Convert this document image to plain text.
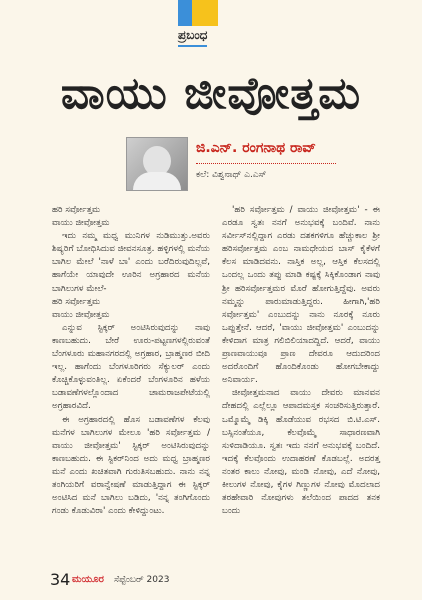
ಪ್ರಬಂಧ
ವಾಯು ಜೀವೋತ್ತಮ
ಜಿ.ಎನ್. ರಂಗನಾಥ ರಾವ್
ಕಲೆ: ವಿಶ್ವನಾಥ್ ಎ.ಎಸ್

ಹರಿ ಸರ್ವೋತ್ತಮ

ವಾಯು ಜೀವೋತ್ತಮ

ಇದು ನಮ್ಮ ಮಧ್ವ ಮುನಿಗಳ ನುಡಿಮುತ್ತು.ಅವರು ಶಿಷ್ಯರಿಗೆ ಬೋಧಿಸಿದುವ ಜೀವನಸೂತ್ರ. ಹಳ್ಳಿಗಳಲ್ಲಿ ಮನೆಯ ಬಾಗಿಲ ಮೇಲೆ 'ನಾಳೆ ಬಾ' ಎಂದು ಬರೆದಿರುವುದಿಲ್ಲವೆ, ಹಾಗೆಯೇ ಯಾವುದೇ ಊರಿನ ಅಗ್ರಹಾರದ ಮನೆಯ ಬಾಗಿಲುಗಳ ಮೇಲೆ-

ಹರಿ ಸರ್ವೋತ್ತಮ

ವಾಯು ಜೀವೋತ್ತಮ

ಎನ್ನುವ ಸ್ಟಿಕ್ಕರ್ ಅಂಟಿಸಿರುವುದನ್ನು ನಾವು ಕಾಣಬಹುದು. ಬೇರೆ ಊರು-ಪಟ್ಟಣಗಳಲ್ಲಿರುವಂತೆ ಬೆಂಗಳೂರು ಮಹಾನಗರದಲ್ಲಿ ಅಗ್ರಹಾರ, ಬ್ರಾಹ್ಮಣರ ಬೀದಿ ಇಲ್ಲ. ಹಾಗೆಂದು ಬೆಂಗಳೂರಿಗರು ಸೆಕ್ಯುಲರ್ ಎಂದು ಕೊಚ್ಚಿಕೊಳ್ಳುವಂತಿಲ್ಲ. ಏಕೆಂದರೆ ಬೆಂಗಳೂರಿನ ಹಳೆಯ ಬಡಾವಣೆಗಳಲ್ಲೊಂದಾದ ಚಾಮರಾಜಪೇಟೆಯಲ್ಲಿ ಅಗ್ರಹಾರವಿದೆ.

ಈ ಅಗ್ರಹಾರದಲ್ಲಿ ಹೊಸ ಬಡಾವಣೆಗಳ ಕೆಲವು ಮನೆಗಳ ಬಾಗಿಲುಗಳ ಮೇಲೂ 'ಹರಿ ಸರ್ವೋತ್ತಮ / ವಾಯು ಜೀವೋತ್ತಮ' ಸ್ಟಿಕ್ಕರ್ ಅಂಟಿಸಿರುವುದನ್ನು ಕಾಣಬಹುದು. ಈ ಸ್ಟಿಕರ್‌ನಿಂದ ಅದು ಮಧ್ವ ಬ್ರಾಹ್ಮಣರ ಮನೆ ಎಂದು ಖಚಿತವಾಗಿ ಗುರುತಿಸಬಹುದು. ನಾನು ನನ್ನ ತಂಗಿಯರಿಗೆ ವರಾನ್ವೇಷಣೆ ಮಾಡುತ್ತಿದ್ದಾಗ ಈ ಸ್ಟಿಕ್ಕರ್ ಅಂಟಿಸಿದ ಮನೆ ಬಾಗಿಲು ಬಡಿದು, 'ನನ್ನ ತಂಗಿಗೊಂದು ಗಂಡು ಕೊಡುವಿರಾ' ಎಂದು ಕೇಳಿದ್ದುಂಟು.

'ಹರಿ ಸರ್ವೋತ್ತಮ / ವಾಯು ಜೀವೋತ್ತಮ' - ಈ ಎರಡೂ ಸ್ವತಃ ನನಗೆ ಅನುಭವಕ್ಕೆ ಬಂದಿವೆ. ನಾನು ಸರ್ವೀಸ್‌ನಲ್ಲಿದ್ದಾಗ ಎರಡು ದಶಕಗಳಿಗೂ ಹೆಚ್ಚುಕಾಲ ಶ್ರೀ ಹರಿಸರ್ವೋತ್ತಮ ಎಂಬ ನಾಮಧೇಯದ ಬಾಸ್ ಕೈಕೆಳಗೆ ಕೆಲಸ ಮಾಡಿದವನು. ನಾಸ್ತಿಕ ಅಲ್ಲ, ಆಸ್ತಿಕ ಕೆಲಸದಲ್ಲಿ ಒಂದಲ್ಲ ಒಂದು ತಪ್ಪು ಮಾಡಿ ಕಷ್ಟಕ್ಕೆ ಸಿಕ್ಕಿಕೊಂಡಾಗ ನಾವು ಶ್ರೀ ಹರಿಸರ್ವೋತ್ತಮರ ಮೊರೆ ಹೋಗುತ್ತಿದ್ದೆವು. ಅವರು ನಮ್ಮನ್ನು ಪಾರುಮಾಡುತ್ತಿದ್ದರು. ಹೀಗಾಗಿ,'ಹರಿ ಸರ್ವೋತ್ತಮ' ಎಂಬುದನ್ನು ನಾನು ನೂರಕ್ಕೆ ನೂರು ಒಪ್ಪುತ್ತೇನೆ. ಆದರೆ, 'ವಾಯು ಜೀವೋತ್ತಮ' ಎಂಬುದನ್ನು ಕೇಳಿದಾಗ ಮಾತ್ರ ಗಲಿಬಿಲಿಯಾದದ್ದಿದೆ. ಆದರೆ, ವಾಯು ಪ್ರಾಣವಾಯುವೂ ಪ್ರಾಣ ದೇವರೂ ಆದುದರಿಂದ ಅದರೊಂದಿಗೆ ಹೊಂದಿಕೊಂಡು ಹೋಗಬೇಕಾದ್ದು ಅನಿವಾರ್ಯ.

ಜೀವೋತ್ತಮನಾದ ವಾಯು ದೇವರು ಮಾನವನ ದೇಹದಲ್ಲಿ ಎಲ್ಲೆಲ್ಲೂ ಆಪಾದಮಸ್ತಕ ಸಂಚರಿಸುತ್ತಿರುತ್ತಾರೆ. ಒಮ್ಮೊಮ್ಮೆ ಡಿಕ್ಕಿ ಹೊಡೆಯುವ ರಭಸದ ಬಿ.ಟಿ.ಎಸ್. ಬಸ್ಸಿನಂತೆಯೂ, ಕೆಲವೊಮ್ಮೆ ಸಾಧಾರಣವಾಗಿ ಸುಳಿದಾಡಿಯೂ. ಸ್ವತಃ ಇದು ನನಗೆ ಅನುಭವಕ್ಕೆ ಬಂದಿದೆ. ಇದಕ್ಕೆ ಕೆಲವೊಂದು ಉದಾಹರಣೆ ಕೊಡಬಲ್ಲೆ. ಅದರತ್ತ ನಂತರ ಕಾಲು ನೋವು, ಮಂಡಿ ನೋವು, ಎದೆ ನೋವು, ಕೀಲುಗಳ ನೋವು, ಕೈಗಳ ಗಿಣ್ಣುಗಳ ನೋವು ಮೊದಲಾದ ತರಹೇವಾರಿ ನೋವುಗಳು ತಲೆಯಿಂದ ಪಾದದ ತನಕ ಬಂದು

34 ಮಯೂರ ಸೆಪ್ಟೆಂಬರ್ 2023
